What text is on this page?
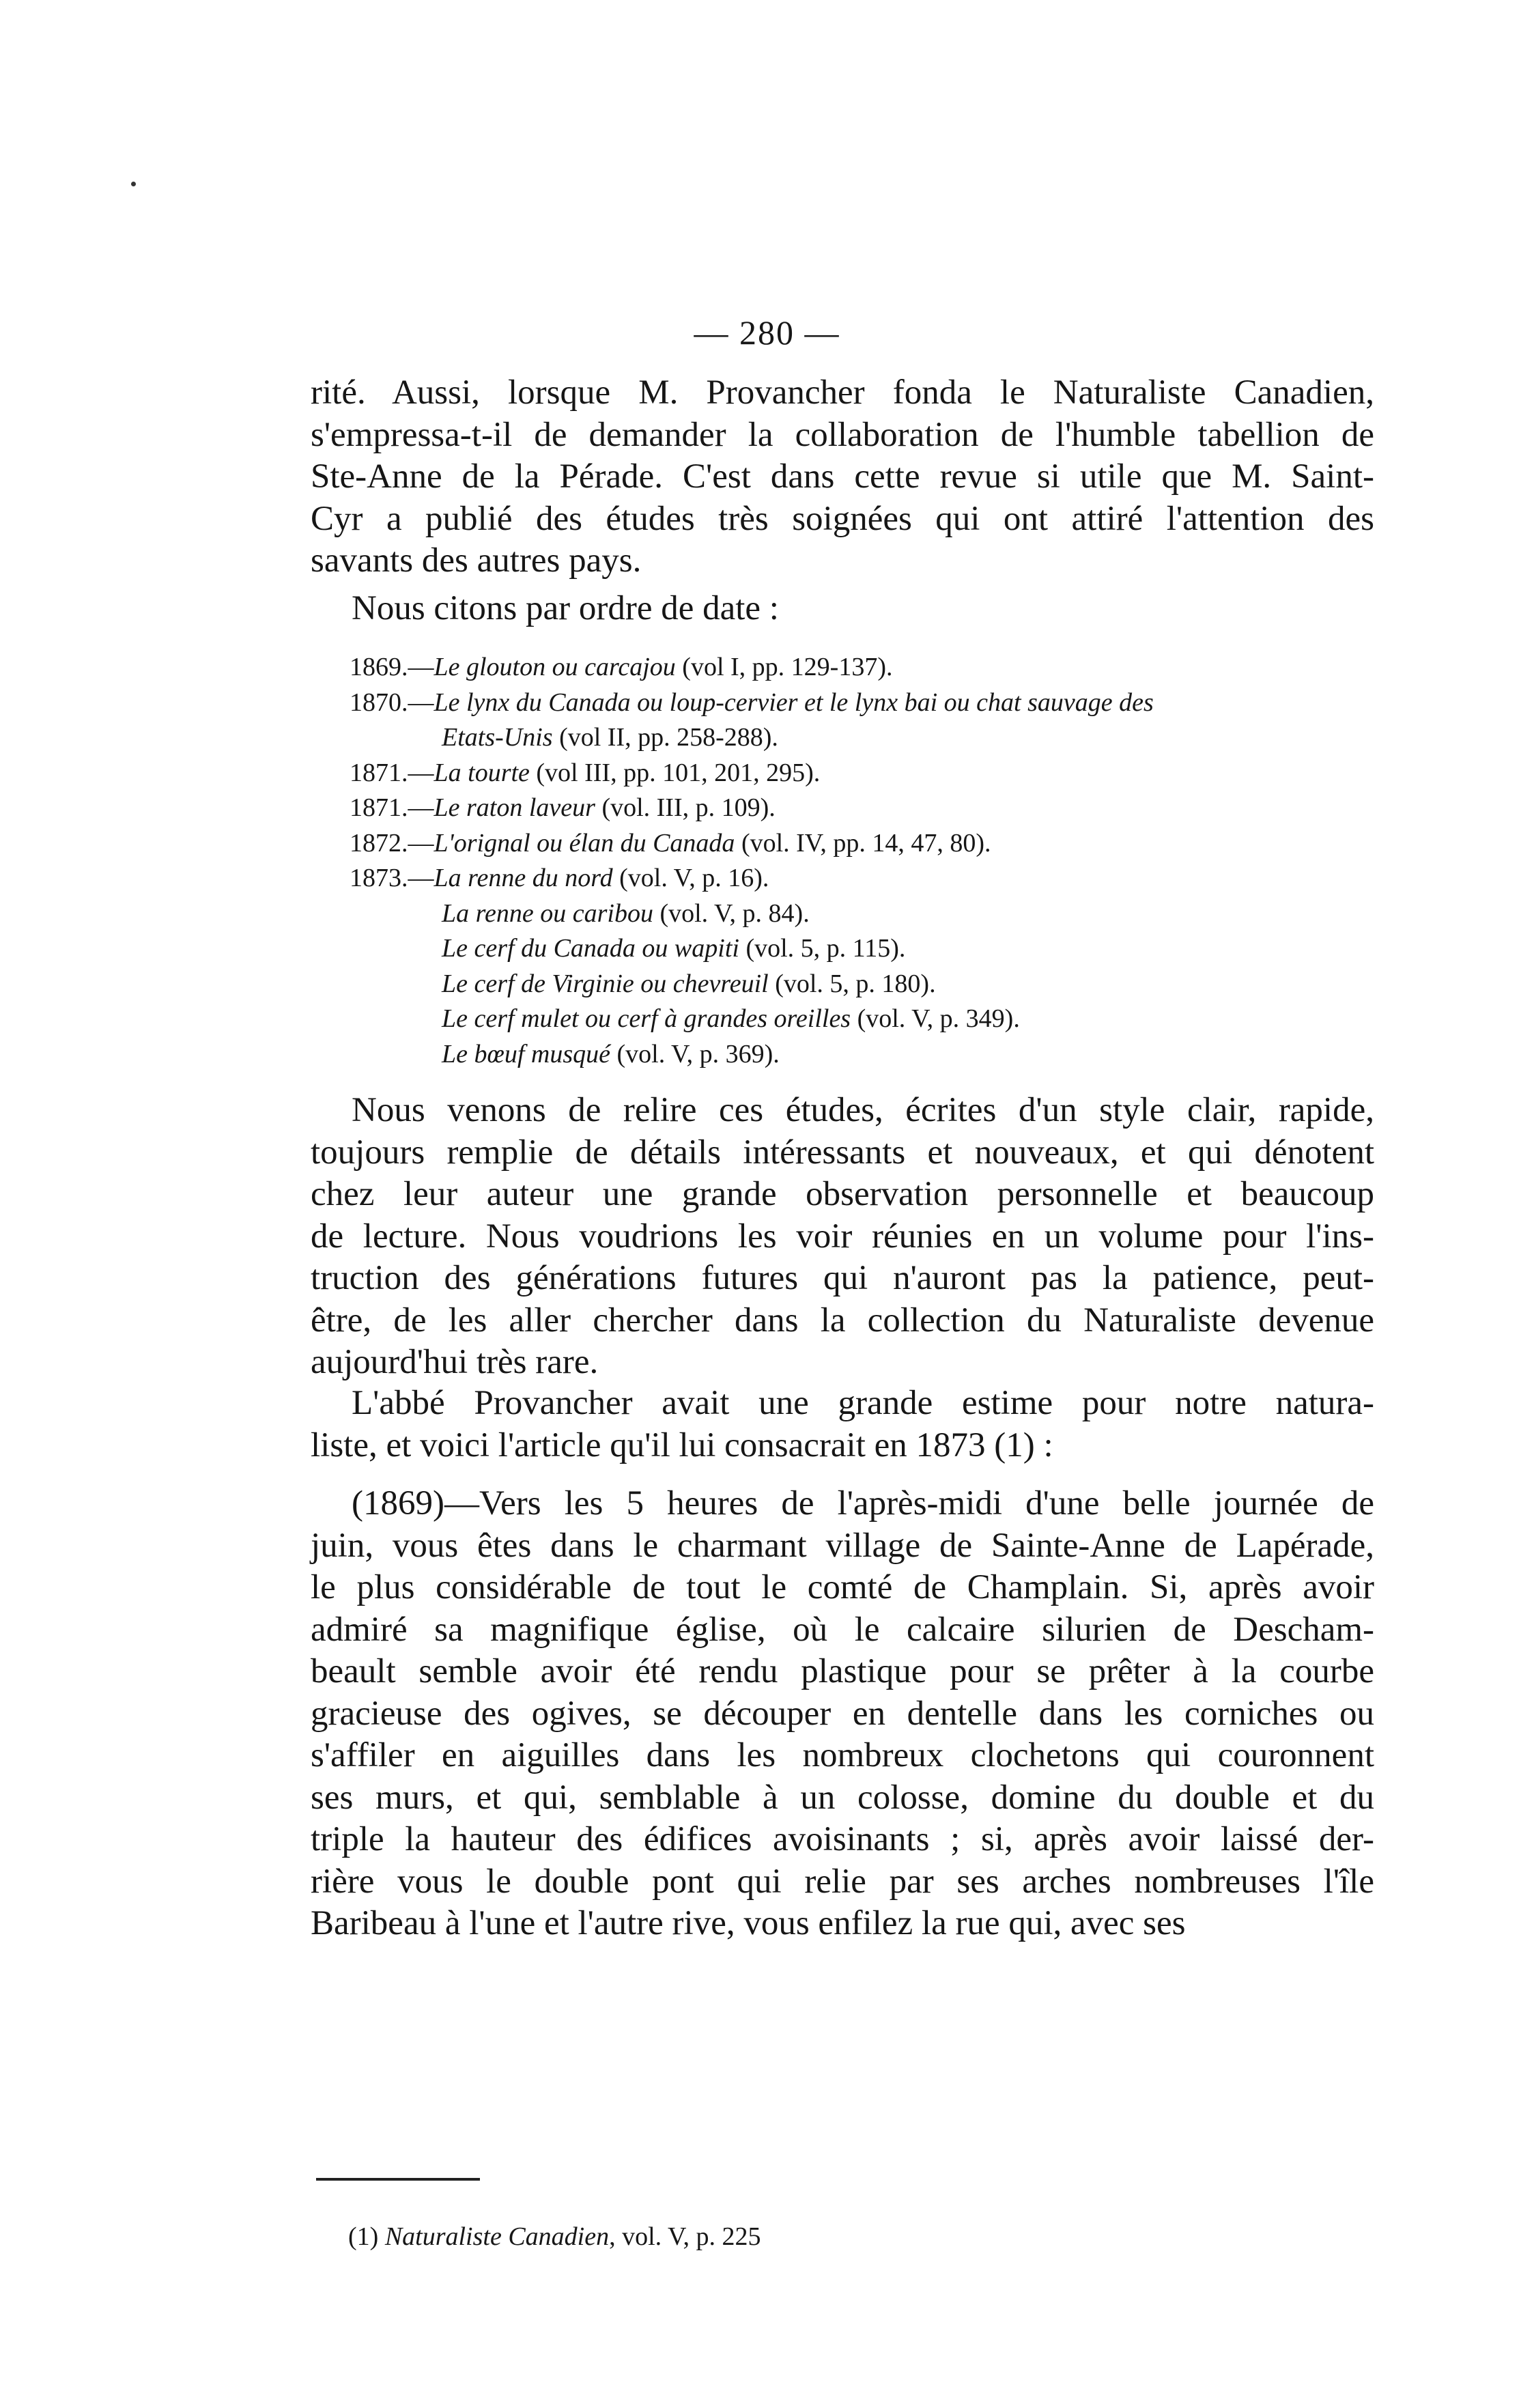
— 280 —
rité. Aussi, lorsque M. Provancher fonda le Naturaliste Canadien,
s'empressa-t-il de demander la collaboration de l'humble tabellion de
Ste-Anne de la Pérade. C'est dans cette revue si utile que M. Saint-
Cyr a publié des études très soignées qui ont attiré l'attention des
savants des autres pays.
Nous citons par ordre de date :
1869.—Le glouton ou carcajou (vol I, pp. 129-137).
1870.—Le lynx du Canada ou loup-cervier et le lynx bai ou chat sauvage des
Etats-Unis (vol II, pp. 258-288).
1871.—La tourte (vol III, pp. 101, 201, 295).
1871.—Le raton laveur (vol. III, p. 109).
1872.—L'orignal ou élan du Canada (vol. IV, pp. 14, 47, 80).
1873.—La renne du nord (vol. V, p. 16).
La renne ou caribou (vol. V, p. 84).
Le cerf du Canada ou wapiti (vol. 5, p. 115).
Le cerf de Virginie ou chevreuil (vol. 5, p. 180).
Le cerf mulet ou cerf à grandes oreilles (vol. V, p. 349).
Le bœuf musqué (vol. V, p. 369).
Nous venons de relire ces études, écrites d'un style clair, rapide,
toujours remplie de détails intéressants et nouveaux, et qui dénotent
chez leur auteur une grande observation personnelle et beaucoup
de lecture. Nous voudrions les voir réunies en un volume pour l'ins-
truction des générations futures qui n'auront pas la patience, peut-
être, de les aller chercher dans la collection du Naturaliste devenue
aujourd'hui très rare.
L'abbé Provancher avait une grande estime pour notre natura-
liste, et voici l'article qu'il lui consacrait en 1873 (1) :
(1869)—Vers les 5 heures de l'après-midi d'une belle journée de
juin, vous êtes dans le charmant village de Sainte-Anne de Lapérade,
le plus considérable de tout le comté de Champlain. Si, après avoir
admiré sa magnifique église, où le calcaire silurien de Descham-
beault semble avoir été rendu plastique pour se prêter à la courbe
gracieuse des ogives, se découper en dentelle dans les corniches ou
s'affiler en aiguilles dans les nombreux clochetons qui couronnent
ses murs, et qui, semblable à un colosse, domine du double et du
triple la hauteur des édifices avoisinants ; si, après avoir laissé der-
rière vous le double pont qui relie par ses arches nombreuses l'île
Baribeau à l'une et l'autre rive, vous enfilez la rue qui, avec ses
(1) Naturaliste Canadien, vol. V, p. 225
